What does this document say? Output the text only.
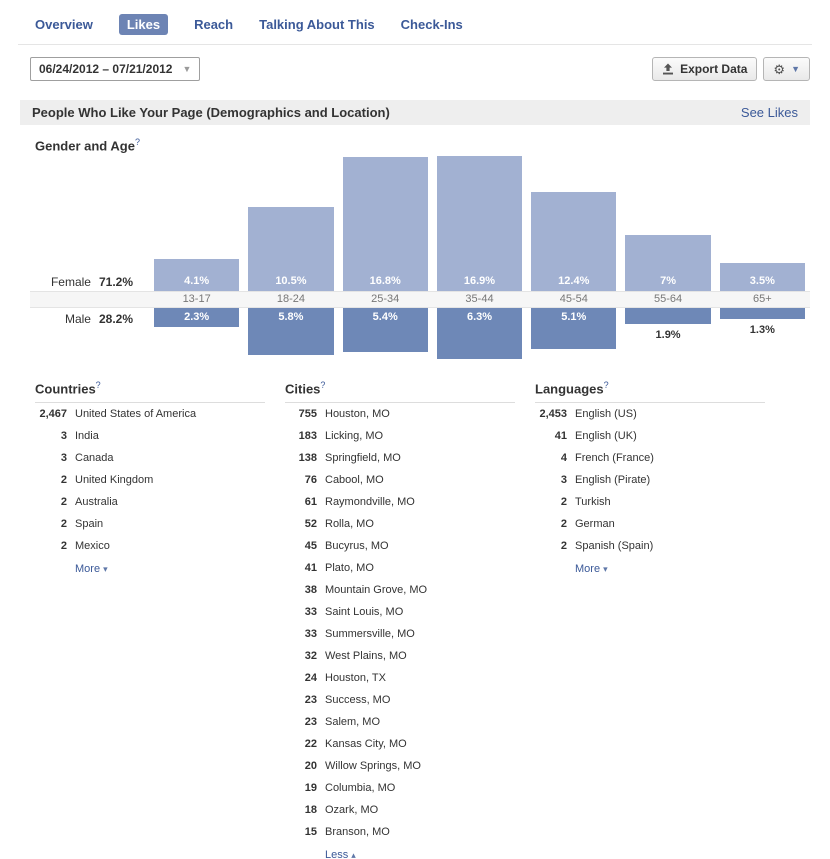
Overview	Likes	Reach Talking About This Check-Ins
06/24/2012 – 07/21/2012 ▼	Export Data ⚙ ▼
People Who Like Your Page (Demographics and Location)	See Likes
Gender and Age?
Female 71.2%
Male 28.2%
4.1%
13-17
2.3%
10.5%
18-24
5.8%
16.8%
25-34
5.4%
16.9%
35-44
6.3%
12.4%
45-54
5.1%
7%
55-64
1.9%
3.5%
65+
1.3%
Countries?
2,467 United States of America
3 India
3 Canada
2 United Kingdom
2 Australia
2 Spain
2 Mexico
More ▾
Cities?
755 Houston, MO
183 Licking, MO
138 Springfield, MO
76 Cabool, MO
61 Raymondville, MO
52 Rolla, MO
45 Bucyrus, MO
41 Plato, MO
38 Mountain Grove, MO
33 Saint Louis, MO
33 Summersville, MO
32 West Plains, MO
24 Houston, TX
23 Success, MO
23 Salem, MO
22 Kansas City, MO
20 Willow Springs, MO
19 Columbia, MO
18 Ozark, MO
15 Branson, MO
Less ▴
Languages?
2,453 English (US)
41 English (UK)
4 French (France)
3 English (Pirate)
2 Turkish
2 German
2 Spanish (Spain)
More ▾
